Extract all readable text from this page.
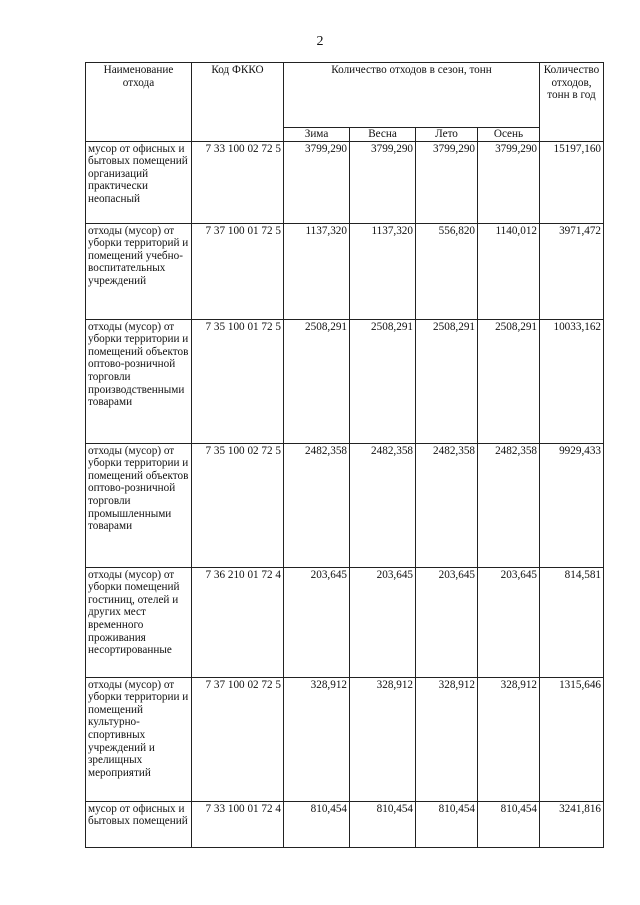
2
Наименование отхода	Код ФККО	Количество отходов в сезон, тонн				Количество отходов, тонн в год
		Зима	Весна	Лето	Осень	
мусор от офисных и бытовых помещений организаций практически неопасный	7 33 100 02 72 5	3799,290	3799,290	3799,290	3799,290	15197,160
отходы (мусор) от уборки территорий и помещений учебно-воспитательных учреждений	7 37 100 01 72 5	1137,320	1137,320	556,820	1140,012	3971,472
отходы (мусор) от уборки территории и помещений объектов оптово-розничной торговли производственными товарами	7 35 100 01 72 5	2508,291	2508,291	2508,291	2508,291	10033,162
отходы (мусор) от уборки территории и помещений объектов оптово-розничной торговли промышленными товарами	7 35 100 02 72 5	2482,358	2482,358	2482,358	2482,358	9929,433
отходы (мусор) от уборки помещений гостиниц, отелей и других мест временного проживания несортированные	7 36 210 01 72 4	203,645	203,645	203,645	203,645	814,581
отходы (мусор) от уборки территории и помещений культурно-спортивных учреждений и зрелищных мероприятий	7 37 100 02 72 5	328,912	328,912	328,912	328,912	1315,646
мусор от офисных и бытовых помещений	7 33 100 01 72 4	810,454	810,454	810,454	810,454	3241,816
